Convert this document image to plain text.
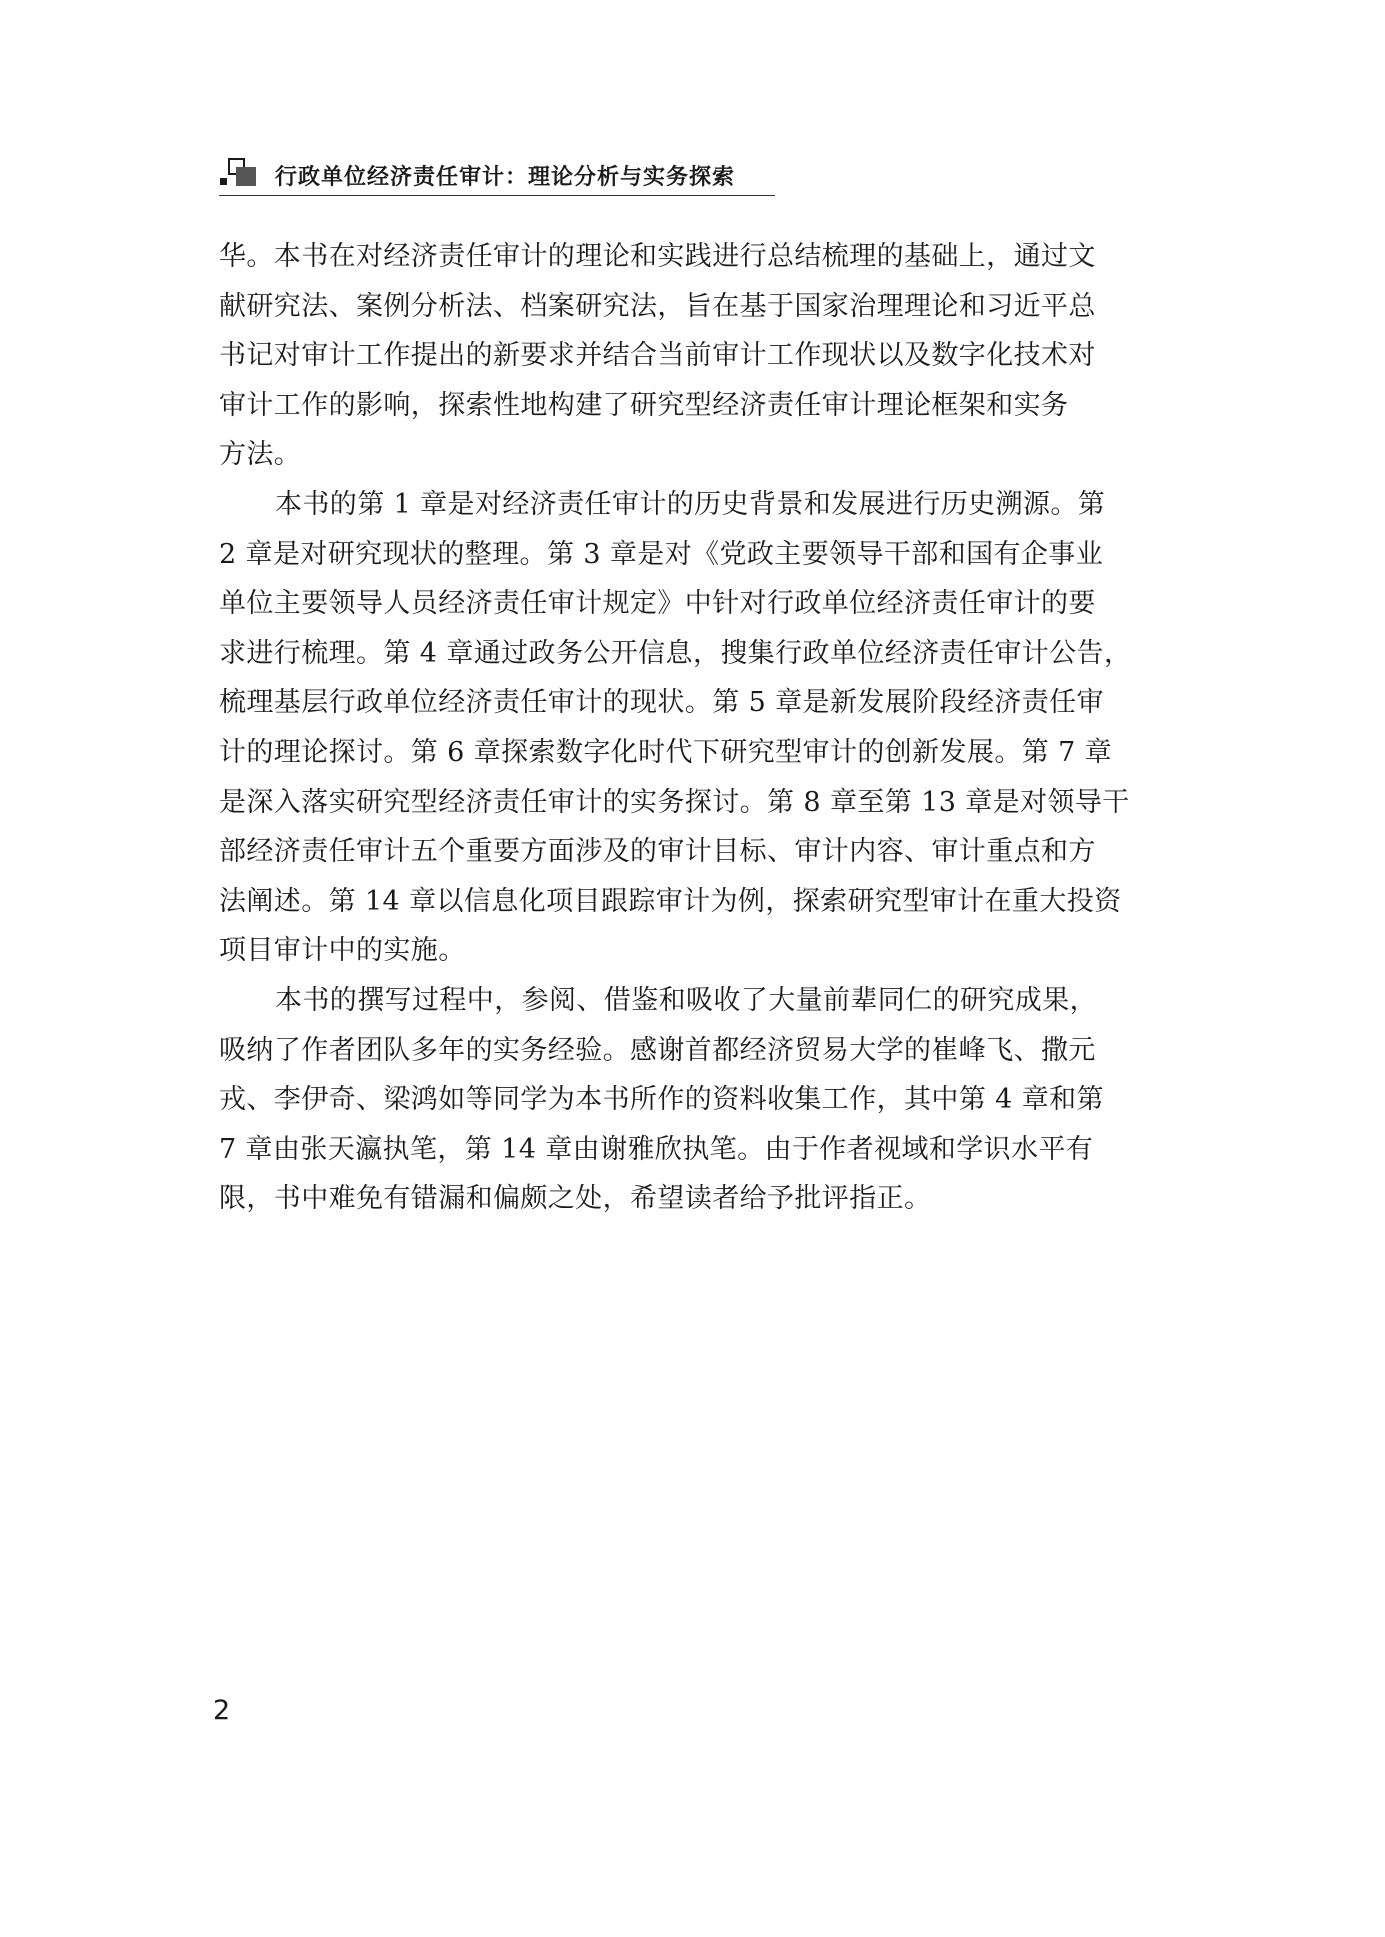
行政单位经济责任审计：理论分析与实务探索
华。本书在对经济责任审计的理论和实践进行总结梳理的基础上，通过文
献研究法、案例分析法、档案研究法，旨在基于国家治理理论和习近平总
书记对审计工作提出的新要求并结合当前审计工作现状以及数字化技术对
审计工作的影响，探索性地构建了研究型经济责任审计理论框架和实务
方法。
本书的第 1 章是对经济责任审计的历史背景和发展进行历史溯源。第
2 章是对研究现状的整理。第 3 章是对《党政主要领导干部和国有企事业
单位主要领导人员经济责任审计规定》中针对行政单位经济责任审计的要
求进行梳理。第 4 章通过政务公开信息，搜集行政单位经济责任审计公告，
梳理基层行政单位经济责任审计的现状。第 5 章是新发展阶段经济责任审
计的理论探讨。第 6 章探索数字化时代下研究型审计的创新发展。第 7 章
是深入落实研究型经济责任审计的实务探讨。第 8 章至第 13 章是对领导干
部经济责任审计五个重要方面涉及的审计目标、审计内容、审计重点和方
法阐述。第 14 章以信息化项目跟踪审计为例，探索研究型审计在重大投资
项目审计中的实施。
本书的撰写过程中，参阅、借鉴和吸收了大量前辈同仁的研究成果，
吸纳了作者团队多年的实务经验。感谢首都经济贸易大学的崔峰飞、撒元
戎、李伊奇、梁鸿如等同学为本书所作的资料收集工作，其中第 4 章和第
7 章由张天瀛执笔，第 14 章由谢雅欣执笔。由于作者视域和学识水平有
限，书中难免有错漏和偏颇之处，希望读者给予批评指正。
2
